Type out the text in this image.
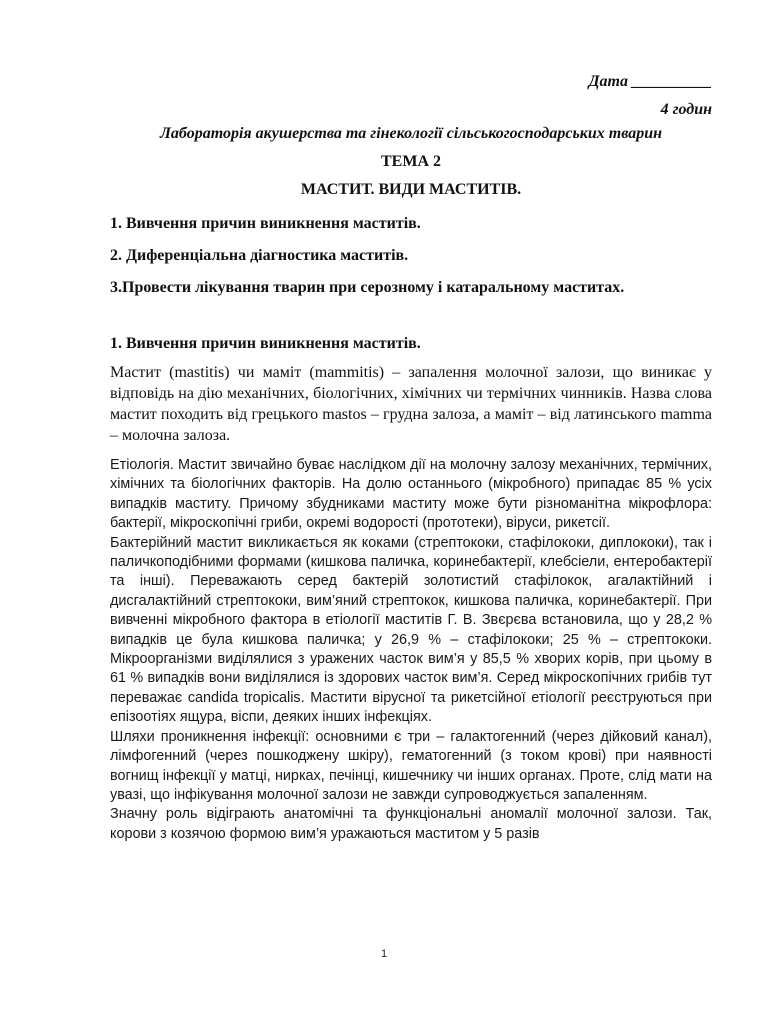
Дата __________
4 годин
Лабораторія акушерства та гінекології сільськогосподарських тварин
ТЕМА 2
МАСТИТ. ВИДИ МАСТИТІВ.
1. Вивчення причин виникнення маститів.
2. Диференціальна діагностика маститів.
3.Провести лікування тварин при серозному і катаральному маститах.
1. Вивчення причин виникнення маститів.
Мастит (mastitis) чи маміт (mammitis) – запалення молочної залози, що виникає у відповідь на дію механічних, біологічних, хімічних чи термічних чинників. Назва слова мастит походить від грецького mastos – грудна залоза, а маміт – від латинського mamma – молочна залоза.
Етіологія. Мастит звичайно буває наслідком дії на молочну залозу механічних, термічних, хімічних та біологічних факторів. На долю останнього (мікробного) припадає 85 % усіх випадків маститу. Причому збудниками маститу може бути різноманітна мікрофлора: бактерії, мікроскопічні гриби, окремі водорості (прототеки), віруси, рикетсії.
Бактерійний мастит викликається як коками (стрептококи, стафілококи, диплококи), так і паличкоподібними формами (кишкова паличка, коринебактерії, клебсіели, ентеробактерії та інші). Переважають серед бактерій золотистий стафілокок, агалактійний і дисгалактійний стрептококи, вим’яний стрептокок, кишкова паличка, коринебактерії. При вивченні мікробного фактора в етіології маститів Г. В. Звєрєва встановила, що у 28,2 % випадків це була кишкова паличка; у 26,9 % – стафілококи; 25 % – стрептококи. Мікроорганізми виділялися з уражених часток вим’я у 85,5 % хворих корів, при цьому в 61 % випадків вони виділялися із здорових часток вим’я. Серед мікроскопічних грибів тут переважає candida tropicalis. Мастити вірусної та рикетсійної етіології реєструються при епізоотіях ящура, віспи, деяких інших інфекціях.
Шляхи проникнення інфекції: основними є три – галактогенний (через дійковий канал), лімфогенний (через пошкоджену шкіру), гематогенний (з током крові) при наявності вогнищ інфекції у матці, нирках, печінці, кишечнику чи інших органах. Проте, слід мати на увазі, що інфікування молочної залози не завжди супроводжується запаленням.
Значну роль відіграють анатомічні та функціональні аномалії молочної залози. Так, корови з козячою формою вим’я уражаються маститом у 5 разів
1
